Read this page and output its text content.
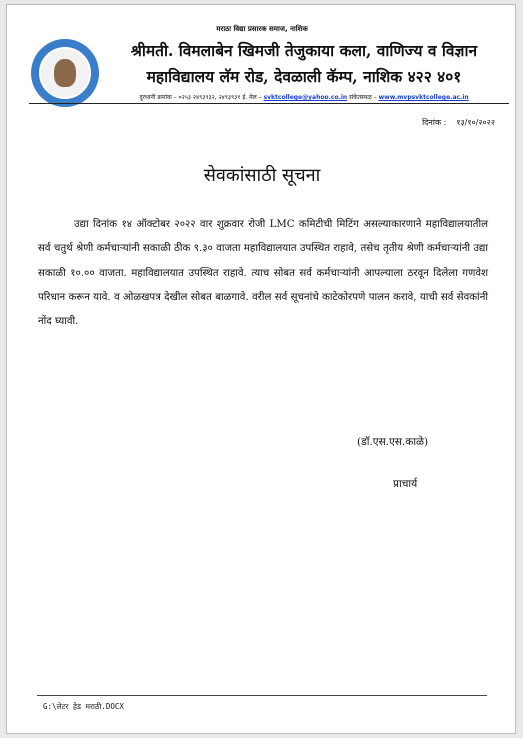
मराठा विद्या प्रसारक समाज, नाशिक
श्रीमती. विमलाबेन खिमजी तेजुकाया कला, वाणिज्य व विज्ञान
महाविद्यालय लॅम रोड, देवळाली कॅम्प, नाशिक ४२२ ४०१
दुरध्वनी क्रमांक – ०२५३ २४९३९३२, २४९३९३१ ई. मेल – svktcollege@yahoo.co.in संकेतस्थळ – www.mvpsvktcollege.ac.in
दिनांक : १३/१०/२०२२
सेवकांसाठी सूचना
उद्या दिनांक १४ ऑक्टोबर २०२२ वार शुक्रवार रोजी LMC कमिटीची मिटिंग असल्याकारणाने महाविद्यालयातील सर्व चतुर्थ श्रेणी कर्मचाऱ्यांनी सकाळी ठीक ९.३० वाजता महाविद्यालयात उपस्थित राहावे, तसेच तृतीय श्रेणी कर्मचाऱ्यांनी उद्या सकाळी १०.०० वाजता. महाविद्यालयात उपस्थित राहावे. त्याच सोबत सर्व कर्मचाऱ्यांनी आपल्याला ठरवून दिलेला गणवेश परिधान करून यावे. व ओळखपत्र देखील सोबत बाळगावे. वरील सर्व सूचनांचे काटेकोरपणे पालन करावे, याची सर्व सेवकांनी नोंद घ्यावी.
(डॉ.एस.एस.काळे)
प्राचार्य
G:\लेटर हेड मराठी.DOCX
